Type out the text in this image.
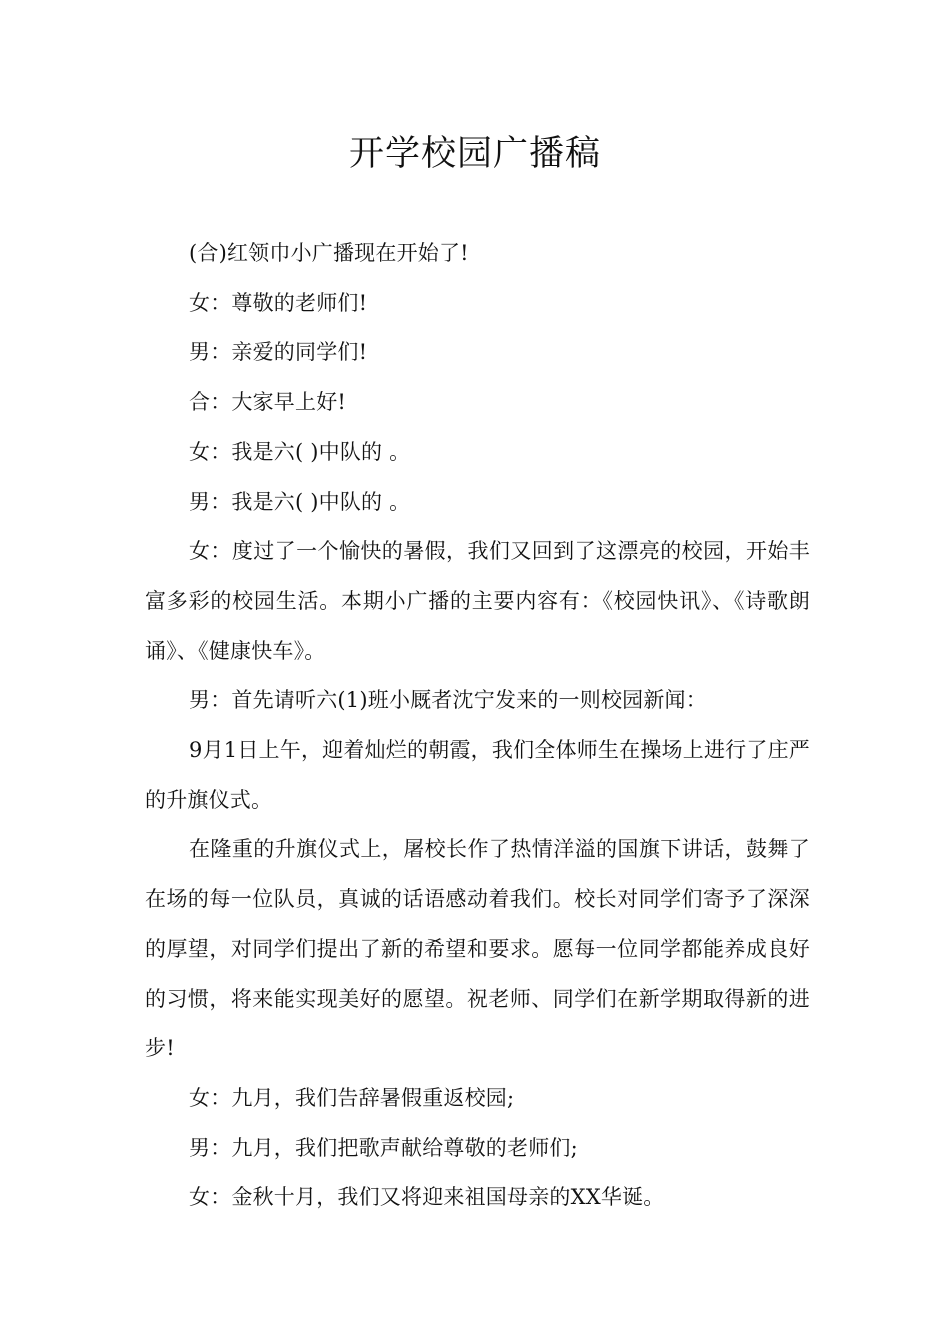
开学校园广播稿

(合)红领巾小广播现在开始了!

女：尊敬的老师们!

男：亲爱的同学们!

合：大家早上好!

女：我是六( )中队的 。

男：我是六( )中队的 。

女：度过了一个愉快的暑假，我们又回到了这漂亮的校园，开始丰富多彩的校园生活。本期小广播的主要内容有：《校园快讯》、《诗歌朗诵》、《健康快车》。

男：首先请听六(1)班小厩者沈宁发来的一则校园新闻：

9月1日上午，迎着灿烂的朝霞，我们全体师生在操场上进行了庄严的升旗仪式。

在隆重的升旗仪式上，屠校长作了热情洋溢的国旗下讲话，鼓舞了在场的每一位队员，真诚的话语感动着我们。校长对同学们寄予了深深的厚望，对同学们提出了新的希望和要求。愿每一位同学都能养成良好的习惯，将来能实现美好的愿望。祝老师、同学们在新学期取得新的进步!

女：九月，我们告辞暑假重返校园;

男：九月，我们把歌声献给尊敬的老师们;

女：金秋十月，我们又将迎来祖国母亲的XX华诞。
